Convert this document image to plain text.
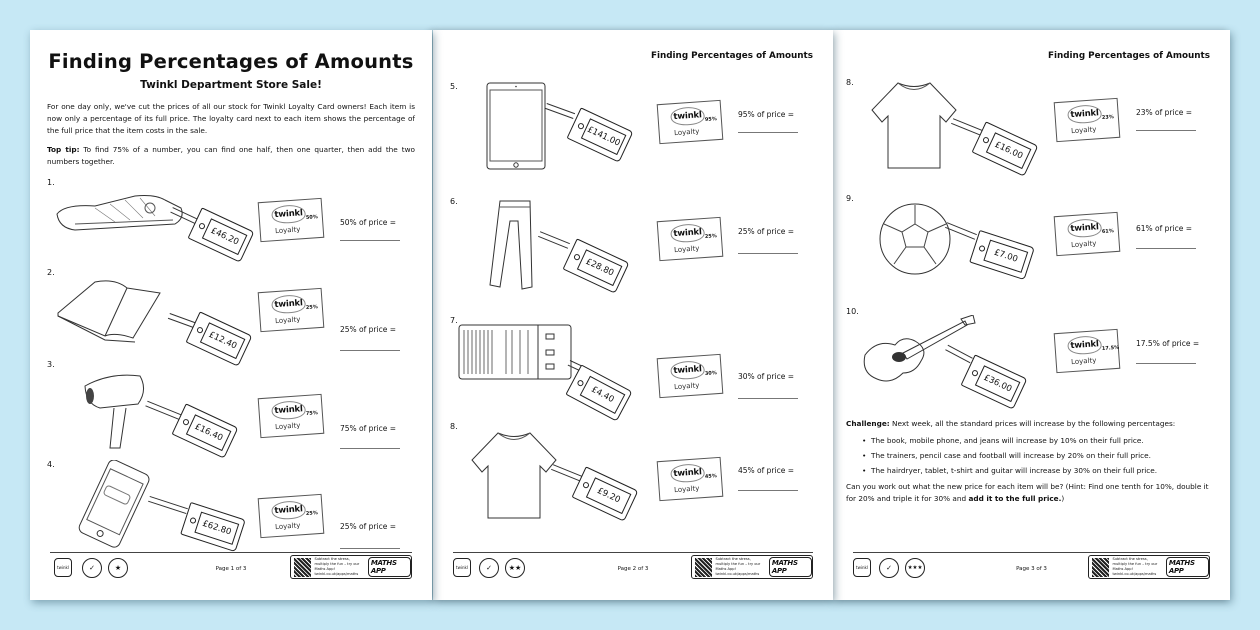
Finding Percentages of Amounts
Twinkl Department Store Sale!
For one day only, we've cut the prices of all our stock for Twinkl Loyalty Card owners! Each item is now only a percentage of its full price. The loyalty card next to each item shows the percentage of the full price that the item costs in the sale.
Top tip: To find 75% of a number, you can find one half, then one quarter, then add the two numbers together.
1.
£46.20
twinkl 50%
Loyalty
50% of price =
2.
£12.40
twinkl 25%
Loyalty
25% of price =
3.
£16.40
twinkl 75%
Loyalty	75% of price =
4.
£62.80
twinkl 25%
Loyalty	25% of price =
twinkl	✓	★	Page 1 of 3
Subtract the stress, multiply the fun – try our Maths App! twinkl.co.uk/apps/maths
MATHS APP
Finding Percentages of Amounts
5.
£141.00
twinkl 95%
Loyalty
95% of price =
6.
£28.80
twinkl 25%
Loyalty
25% of price =
7.
£4.40
twinkl 30%
Loyalty
30% of price =
8.
£9.20
twinkl 45%
Loyalty
45% of price =
twinkl	✓	★★	Page 2 of 3
Subtract the stress, multiply the fun – try our Maths App! twinkl.co.uk/apps/maths
MATHS APP
Finding Percentages of Amounts
8.
£16.00
twinkl 23%
Loyalty
23% of price =
9.
£7.00
twinkl 61%
Loyalty
61% of price =
10.
£36.00
twinkl 17.5%
Loyalty
17.5% of price =
Challenge: Next week, all the standard prices will increase by the following percentages:
• The book, mobile phone, and jeans will increase by 10% on their full price.
• The trainers, pencil case and football will increase by 20% on their full price.
• The hairdryer, tablet, t-shirt and guitar will increase by 30% on their full price.
Can you work out what the new price for each item will be? (Hint: Find one tenth for 10%, double it for 20% and triple it for 30% and add it to the full price.)
twinkl	✓	★★★	Page 3 of 3
Subtract the stress, multiply the fun – try our Maths App! twinkl.co.uk/apps/maths
MATHS APP
